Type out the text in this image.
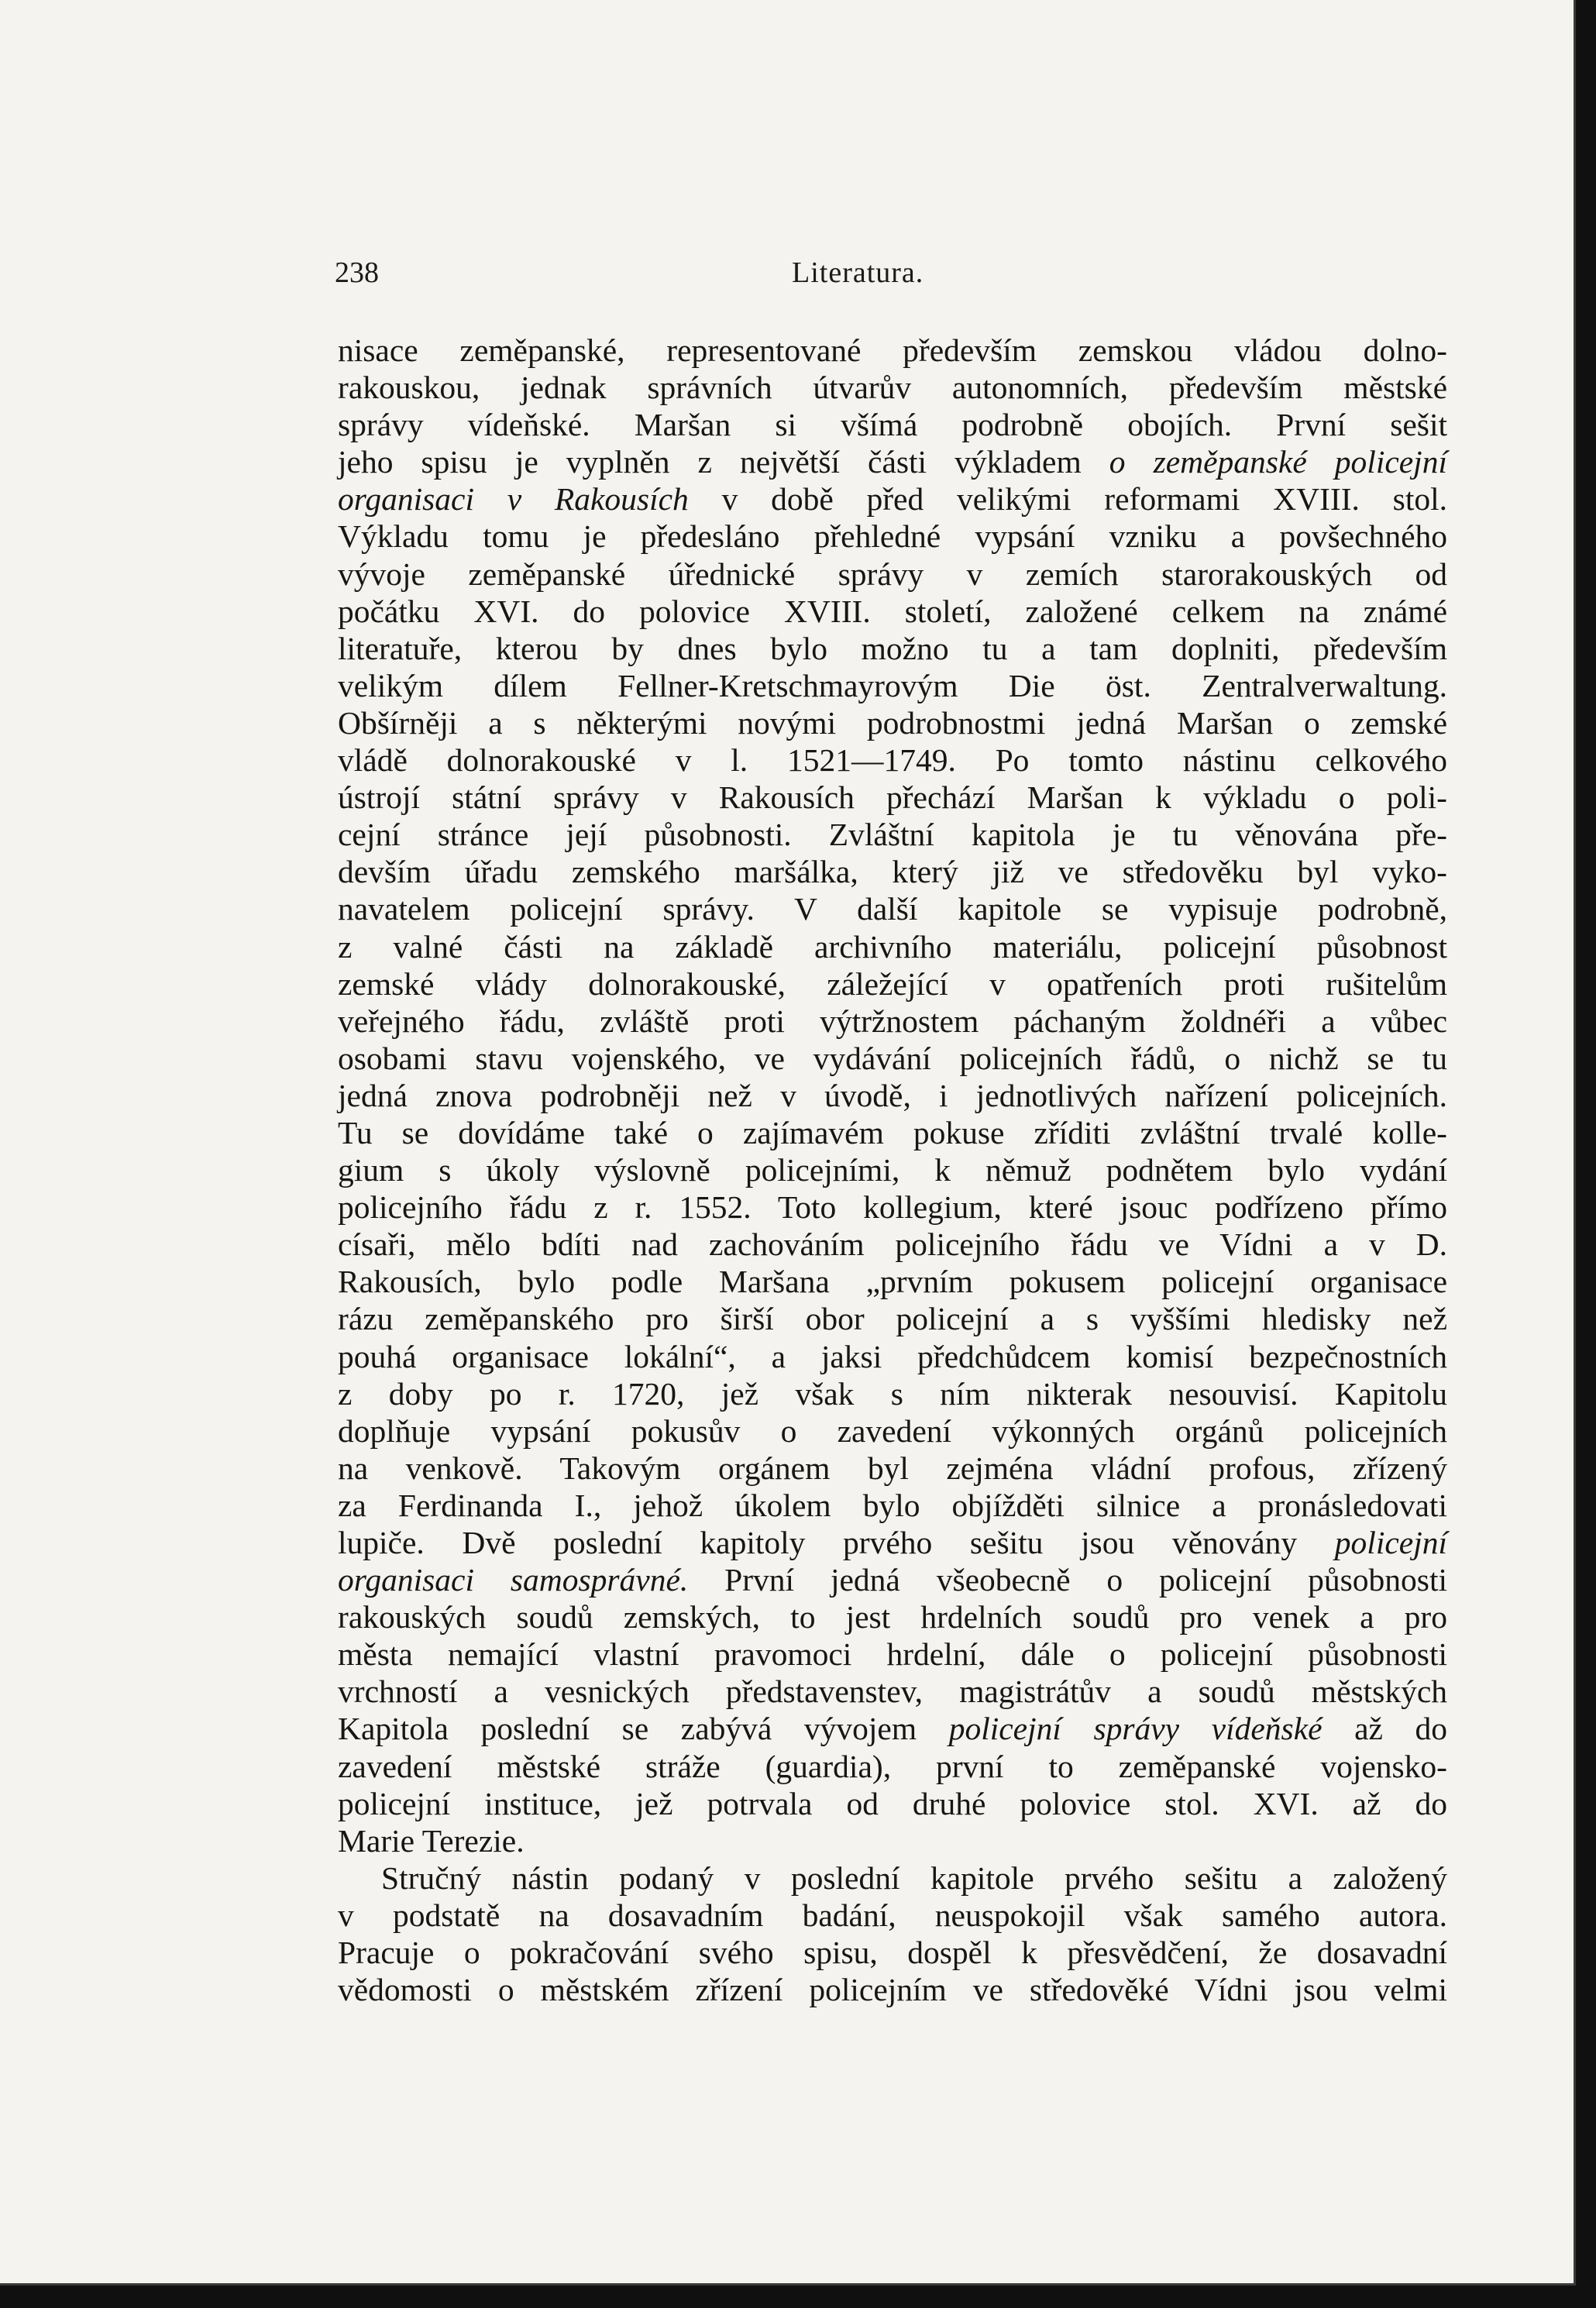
238	Literatura.
nisace zeměpanské, representované především zemskou vládou dolno-
rakouskou, jednak správních útvarův autonomních, především městské
správy vídeňské. Maršan si všímá podrobně obojích. První sešit
jeho spisu je vyplněn z největší části výkladem o zeměpanské policejní
organisaci v Rakousích v době před velikými reformami XVIII. stol.
Výkladu tomu je předesláno přehledné vypsání vzniku a povšechného
vývoje zeměpanské úřednické správy v zemích starorakouských od
počátku XVI. do polovice XVIII. století, založené celkem na známé
literatuře, kterou by dnes bylo možno tu a tam doplniti, především
velikým dílem Fellner-Kretschmayrovým Die öst. Zentralverwaltung.
Obšírněji a s některými novými podrobnostmi jedná Maršan o zemské
vládě dolnorakouské v l. 1521—1749. Po tomto nástinu celkového
ústrojí státní správy v Rakousích přechází Maršan k výkladu o poli-
cejní stránce její působnosti. Zvláštní kapitola je tu věnována pře-
devším úřadu zemského maršálka, který již ve středověku byl vyko-
navatelem policejní správy. V další kapitole se vypisuje podrobně,
z valné části na základě archivního materiálu, policejní působnost
zemské vlády dolnorakouské, záležející v opatřeních proti rušitelům
veřejného řádu, zvláště proti výtržnostem páchaným žoldnéři a vůbec
osobami stavu vojenského, ve vydávání policejních řádů, o nichž se tu
jedná znova podrobněji než v úvodě, i jednotlivých nařízení policejních.
Tu se dovídáme také o zajímavém pokuse zříditi zvláštní trvalé kolle-
gium s úkoly výslovně policejními, k němuž podnětem bylo vydání
policejního řádu z r. 1552. Toto kollegium, které jsouc podřízeno přímo
císaři, mělo bdíti nad zachováním policejního řádu ve Vídni a v D.
Rakousích, bylo podle Maršana „prvním pokusem policejní organisace
rázu zeměpanského pro širší obor policejní a s vyššími hledisky než
pouhá organisace lokální“, a jaksi předchůdcem komisí bezpečnostních
z doby po r. 1720, jež však s ním nikterak nesouvisí. Kapitolu
doplňuje vypsání pokusův o zavedení výkonných orgánů policejních
na venkově. Takovým orgánem byl zejména vládní profous, zřízený
za Ferdinanda I., jehož úkolem bylo objížděti silnice a pronásledovati
lupiče. Dvě poslední kapitoly prvého sešitu jsou věnovány policejní
organisaci samosprávné. První jedná všeobecně o policejní působnosti
rakouských soudů zemských, to jest hrdelních soudů pro venek a pro
města nemající vlastní pravomoci hrdelní, dále o policejní působnosti
vrchností a vesnických představenstev, magistrátův a soudů městských
Kapitola poslední se zabývá vývojem policejní správy vídeňské až do
zavedení městské stráže (guardia), první to zeměpanské vojensko-
policejní instituce, jež potrvala od druhé polovice stol. XVI. až do
Marie Terezie.
Stručný nástin podaný v poslední kapitole prvého sešitu a založený
v podstatě na dosavadním badání, neuspokojil však samého autora.
Pracuje o pokračování svého spisu, dospěl k přesvědčení, že dosavadní
vědomosti o městském zřízení policejním ve středověké Vídni jsou velmi
